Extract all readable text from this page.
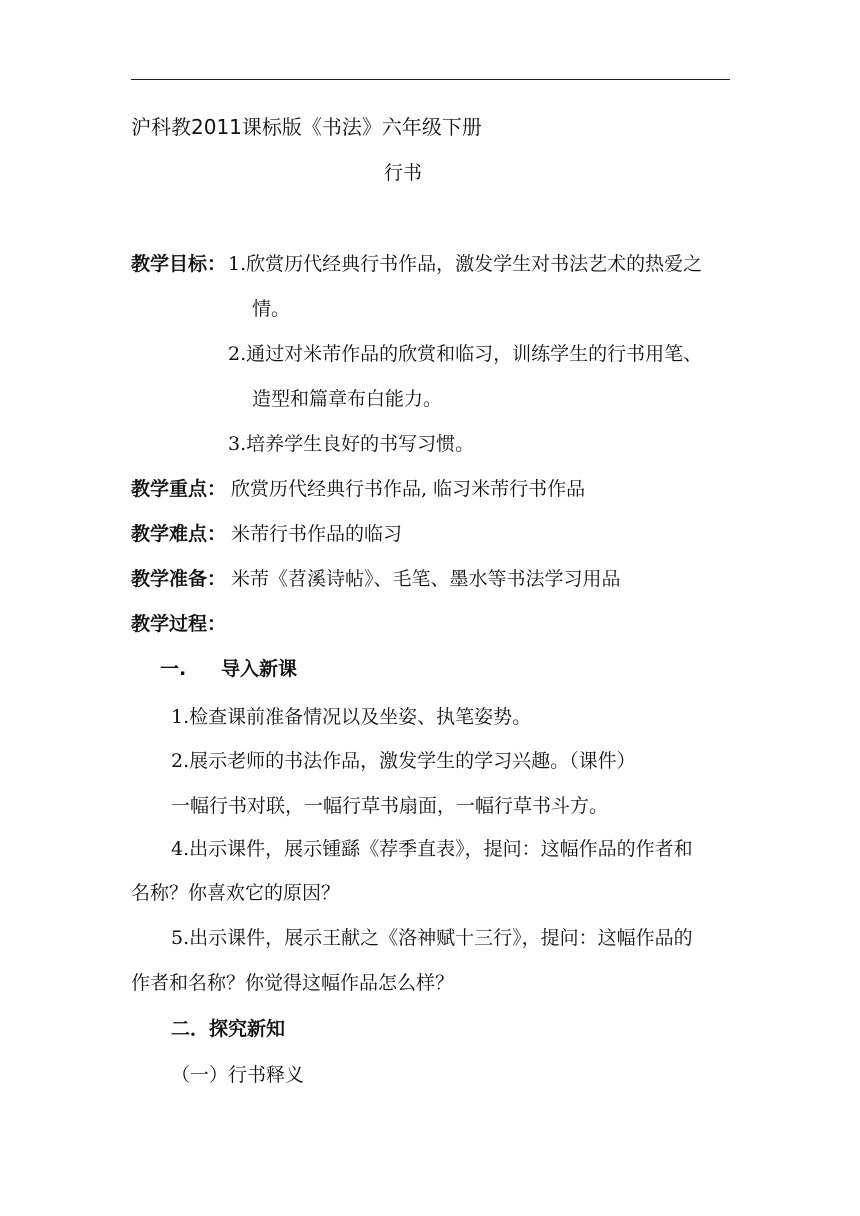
沪科教2011课标版《书法》六年级下册
行书
教学目标： 1.欣赏历代经典行书作品，激发学生对书法艺术的热爱之
情。
2.通过对米芾作品的欣赏和临习，训练学生的行书用笔、
造型和篇章布白能力。
3.培养学生良好的书写习惯。
教学重点： 欣赏历代经典行书作品, 临习米芾行书作品
教学难点： 米芾行书作品的临习
教学准备： 米芾《苕溪诗帖》、毛笔、墨水等书法学习用品
教学过程：
一. 导入新课
1.检查课前准备情况以及坐姿、执笔姿势。
2.展示老师的书法作品，激发学生的学习兴趣。（课件）
一幅行书对联，一幅行草书扇面，一幅行草书斗方。
4.出示课件，展示锺繇《荐季直表》，提问：这幅作品的作者和
名称？你喜欢它的原因？
5.出示课件，展示王献之《洛神赋十三行》，提问：这幅作品的
作者和名称？你觉得这幅作品怎么样？
二．探究新知
（一）行书释义
